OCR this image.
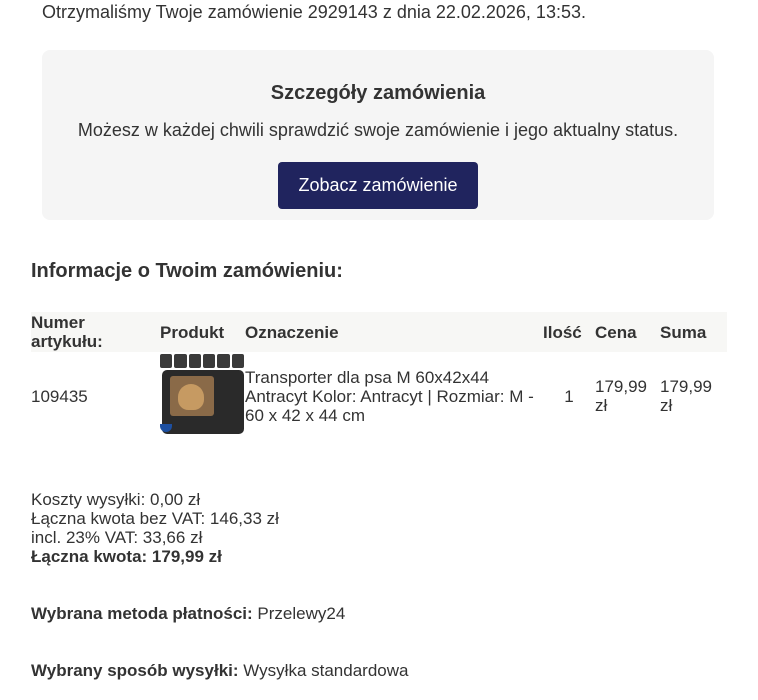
Otrzymaliśmy Twoje zamówienie 2929143 z dnia 22.02.2026, 13:53.
Szczegóły zamówienia
Możesz w każdej chwili sprawdzić swoje zamówienie i jego aktualny status.
Zobacz zamówienie
Informacje o Twoim zamówieniu:
Numer artykułu:	Produkt	Oznaczenie	Ilość	Cena	Suma
109435		Transporter dla psa M 60x42x44 Antracyt Kolor: Antracyt | Rozmiar: M - 60 x 42 x 44 cm	1	179,99 zł	179,99 zł
Koszty wysyłki: 0,00 zł
Łączna kwota bez VAT: 146,33 zł
incl. 23% VAT: 33,66 zł
Łączna kwota: 179,99 zł
Wybrana metoda płatności: Przelewy24
Wybrany sposób wysyłki: Wysyłka standardowa
